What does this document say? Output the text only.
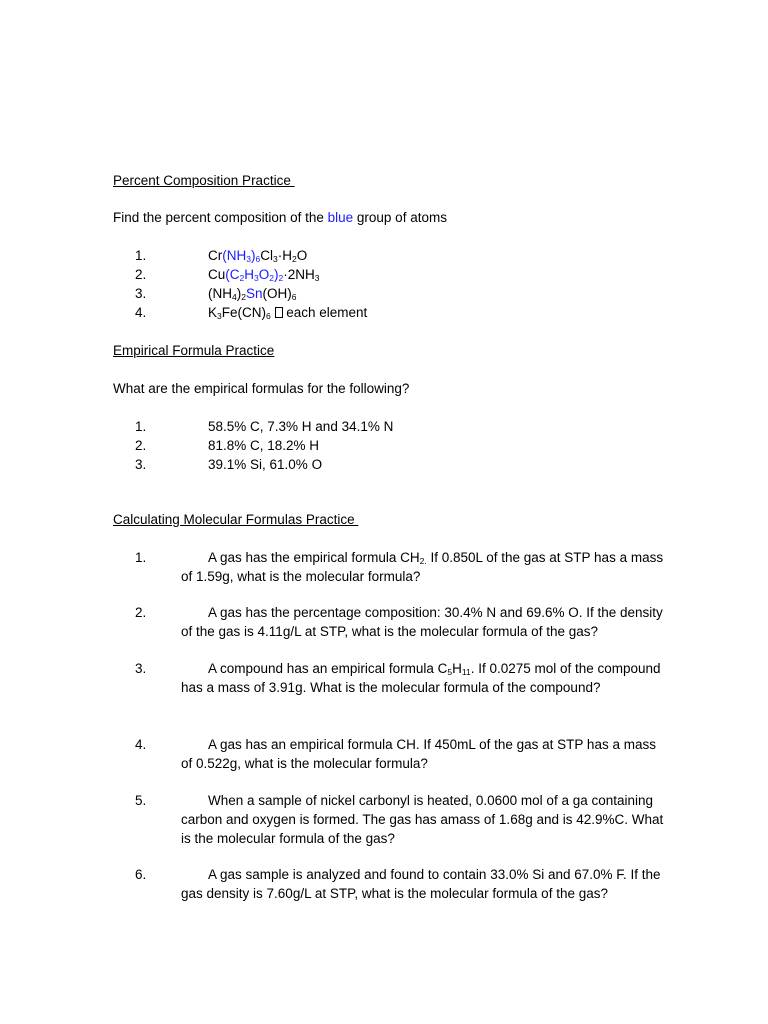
Percent Composition Practice
Find the percent composition of the blue group of atoms
1.	$Cr(NH_3)_6Cl_3\cdot H_2O$
2.	$Cu(C_2H_3O_2)_2\cdot 2NH_3$
3.	$(NH_4)_2Sn(OH)_6$
4.	$K_3Fe(CN)_6$  each element
Empirical Formula Practice
What are the empirical formulas for the following?
1.	58.5% C, 7.3% H and 34.1% N
2.	81.8% C, 18.2% H
3.	39.1% Si, 61.0% O
Calculating Molecular Formulas Practice
1.	A gas has the empirical formula $CH_{2.}$ If 0.850L of the gas at STP has a mass of 1.59g, what is the molecular formula?
2.	A gas has the percentage composition: 30.4% N and 69.6% O. If the density of the gas is 4.11g/L at STP, what is the molecular formula of the gas?
3.	A compound has an empirical formula $C_5H_{11}$. If 0.0275 mol of the compound has a mass of 3.91g. What is the molecular formula of the compound?
4.	A gas has an empirical formula CH. If 450mL of the gas at STP has a mass of 0.522g, what is the molecular formula?
5.	When a sample of nickel carbonyl is heated, 0.0600 mol of a ga containing carbon and oxygen is formed. The gas has amass of 1.68g and is 42.9%C. What is the molecular formula of the gas?
6.	A gas sample is analyzed and found to contain 33.0% Si and 67.0% F. If the gas density is 7.60g/L at STP, what is the molecular formula of the gas?
